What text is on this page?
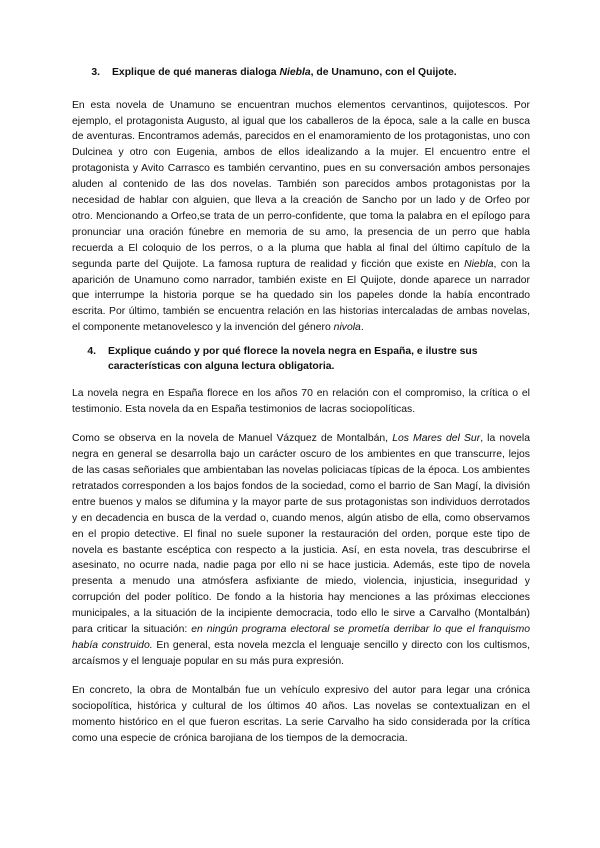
3.	Explique de qué maneras dialoga Niebla, de Unamuno, con el Quijote.

En esta novela de Unamuno se encuentran muchos elementos cervantinos, quijotescos. Por ejemplo, el protagonista Augusto, al igual que los caballeros de la época, sale a la calle en busca de aventuras. Encontramos además, parecidos en el enamoramiento de los protagonistas, uno con Dulcinea y otro con Eugenia, ambos de ellos idealizando a la mujer. El encuentro entre el protagonista y Avito Carrasco es también cervantino, pues en su conversación ambos personajes aluden al contenido de las dos novelas. También son parecidos ambos protagonistas por la necesidad de hablar con alguien, que lleva a la creación de Sancho por un lado y de Orfeo por otro. Mencionando a Orfeo,se trata de un perro-confidente, que toma la palabra en el epílogo para pronunciar una oración fúnebre en memoria de su amo, la presencia de un perro que habla recuerda a El coloquio de los perros, o a la pluma que habla al final del último capítulo de la segunda parte del Quijote. La famosa ruptura de realidad y ficción que existe en Niebla, con la aparición de Unamuno como narrador, también existe en El Quijote, donde aparece un narrador que interrumpe la historia porque se ha quedado sin los papeles donde la había encontrado escrita. Por último, también se encuentra relación en las historias intercaladas de ambas novelas, el componente metanovelesco y la invención del género nivola.

4.	Explique cuándo y por qué florece la novela negra en España, e ilustre sus características con alguna lectura obligatoria.

La novela negra en España florece en los años 70 en relación con el compromiso, la crítica o el testimonio. Esta novela da en España testimonios de lacras sociopolíticas.

Como se observa en la novela de Manuel Vázquez de Montalbán, Los Mares del Sur, la novela negra en general se desarrolla bajo un carácter oscuro de los ambientes en que transcurre, lejos de las casas señoriales que ambientaban las novelas policiacas típicas de la época. Los ambientes retratados corresponden a los bajos fondos de la sociedad, como el barrio de San Magí, la división entre buenos y malos se difumina y la mayor parte de sus protagonistas son individuos derrotados y en decadencia en busca de la verdad o, cuando menos, algún atisbo de ella, como observamos en el propio detective. El final no suele suponer la restauración del orden, porque este tipo de novela es bastante escéptica con respecto a la justicia. Así, en esta novela, tras descubrirse el asesinato, no ocurre nada, nadie paga por ello ni se hace justicia. Además, este tipo de novela presenta a menudo una atmósfera asfixiante de miedo, violencia, injusticia, inseguridad y corrupción del poder político. De fondo a la historia hay menciones a las próximas elecciones municipales, a la situación de la incipiente democracia, todo ello le sirve a Carvalho (Montalbán) para criticar la situación: en ningún programa electoral se prometía derribar lo que el franquismo había construido. En general, esta novela mezcla el lenguaje sencillo y directo con los cultismos, arcaísmos y el lenguaje popular en su más pura expresión.

En concreto, la obra de Montalbán fue un vehículo expresivo del autor para legar una crónica sociopolítica, histórica y cultural de los últimos 40 años. Las novelas se contextualizan en el momento histórico en el que fueron escritas. La serie Carvalho ha sido considerada por la crítica como una especie de crónica barojiana de los tiempos de la democracia.
